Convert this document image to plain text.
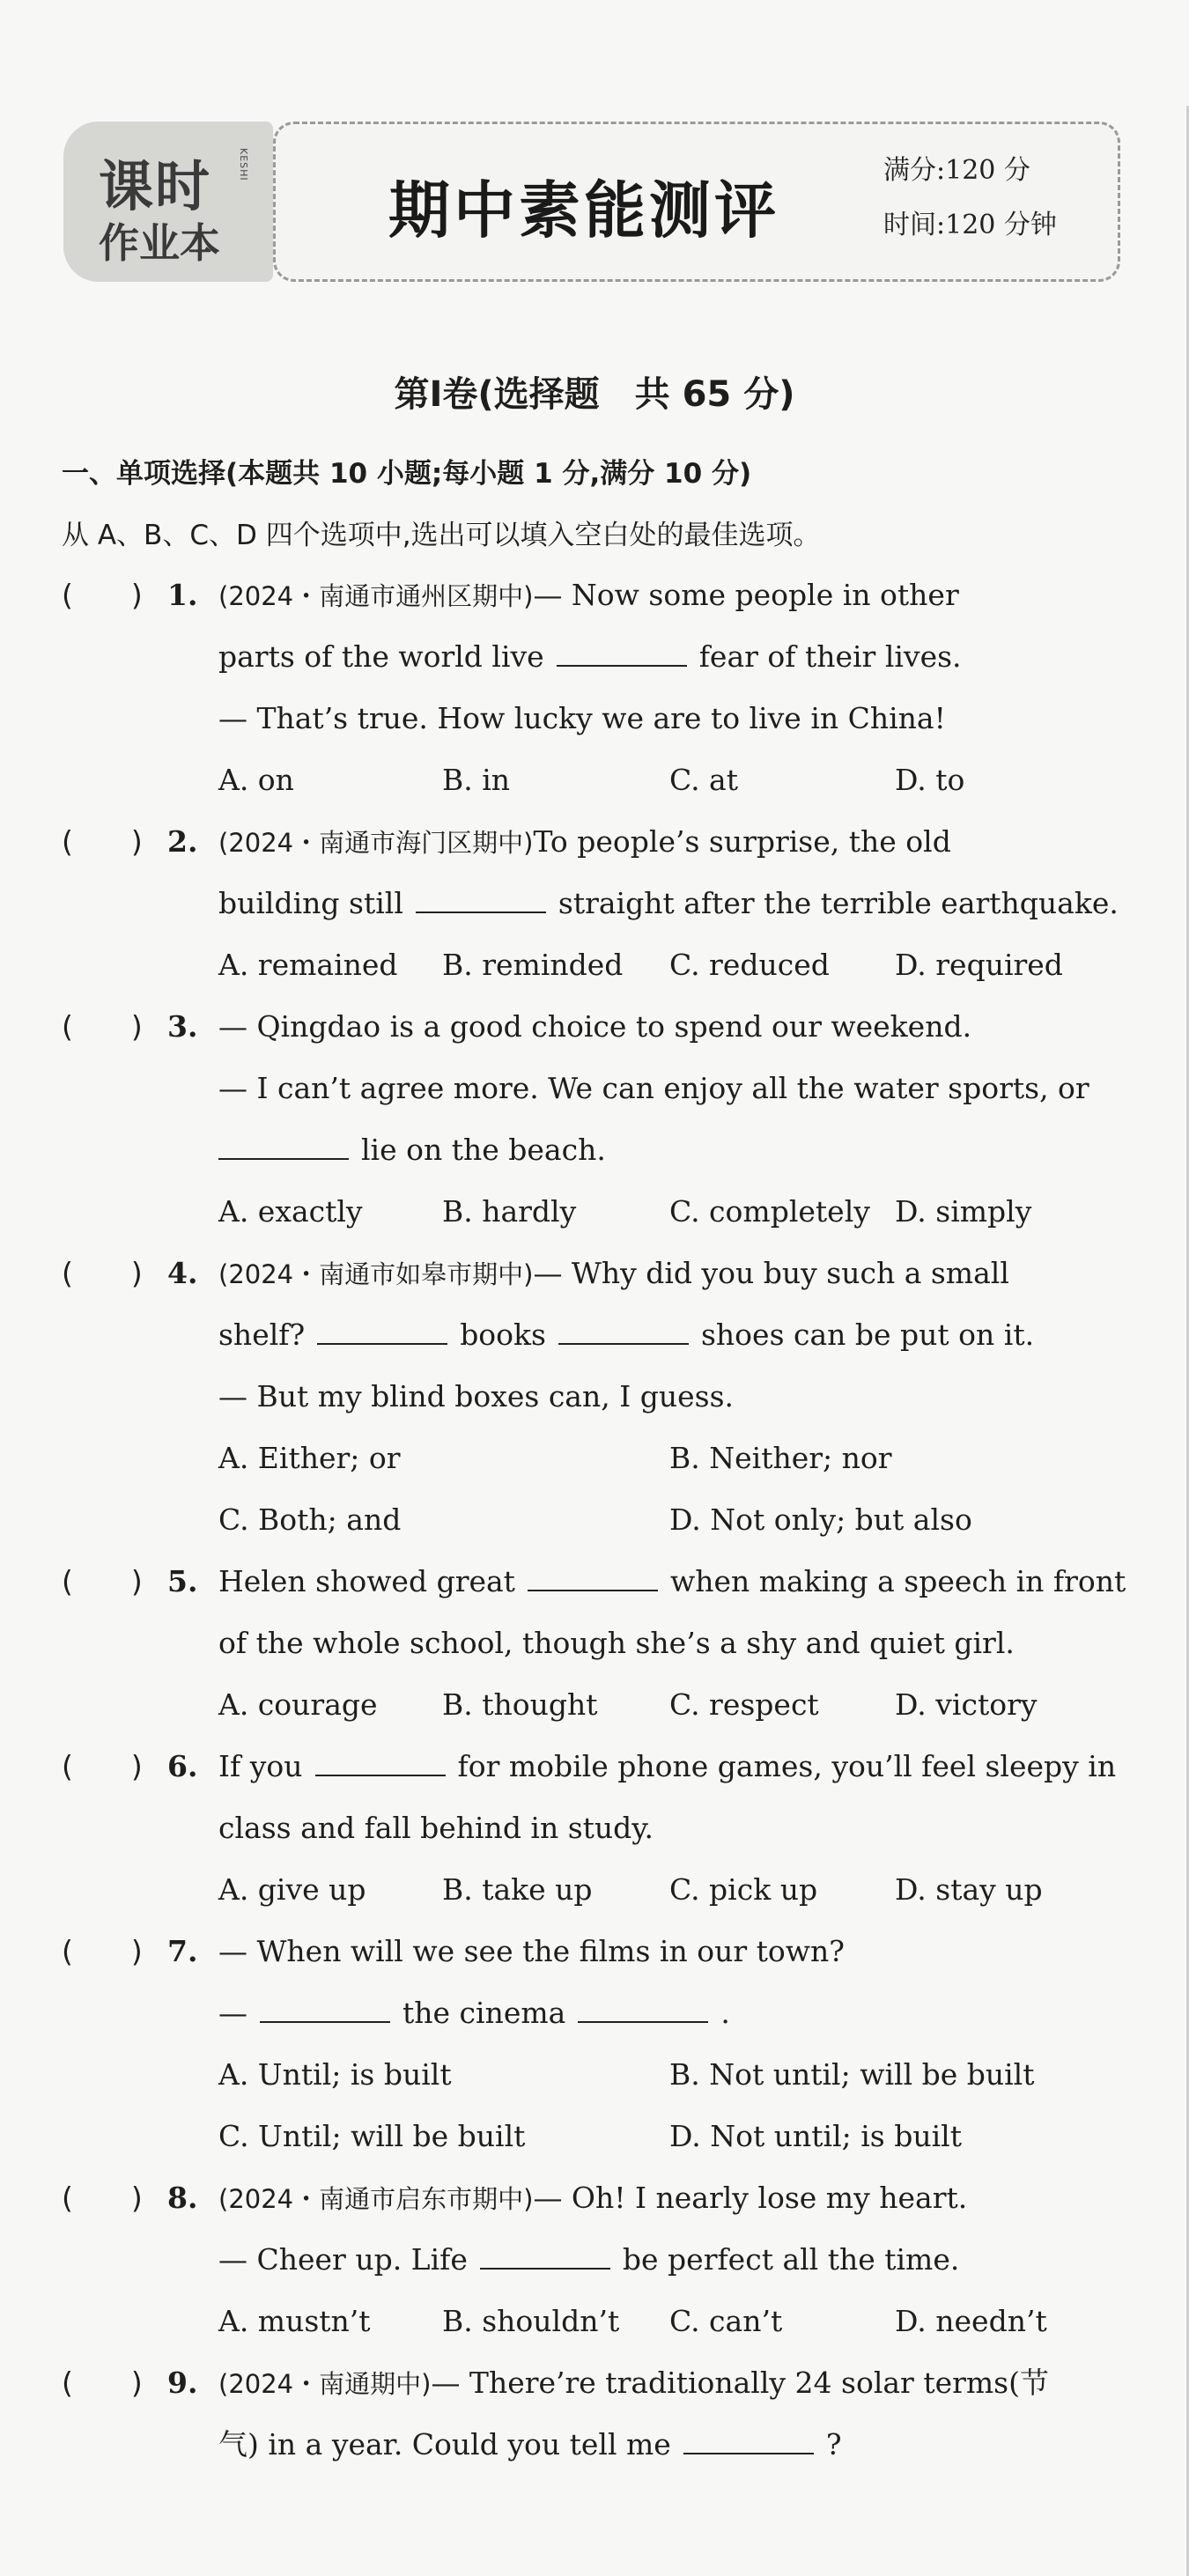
课时
作业本
KESHI
期中素能测评
满分:120 分
时间:120 分钟
第Ⅰ卷(选择题　共 65 分)
一、单项选择(本题共 10 小题;每小题 1 分,满分 10 分)
从 A、B、C、D 四个选项中,选出可以填入空白处的最佳选项。
(　　) 1. (2024・南通市通州区期中)— Now some people in other
parts of the world live	fear of their lives.
— That’s true. How lucky we are to live in China!
A. on	B. in	C. at	D. to
(　　) 2. (2024・南通市海门区期中)To people’s surprise, the old
building still	straight after the terrible earthquake.
A. remained B. reminded C. reduced D. required
(　　) 3. — Qingdao is a good choice to spend our weekend.
— I can’t agree more. We can enjoy all the water sports, or
lie on the beach.
A. exactly	B. hardly	C. completely D. simply
(　　) 4. (2024・南通市如皋市期中)— Why did you buy such a small
shelf?	books	shoes can be put on it.
— But my blind boxes can, I guess.
A. Either; or	B. Neither; nor
C. Both; and	D. Not only; but also
(　　) 5. Helen showed great	when making a speech in front
of the whole school, though she’s a shy and quiet girl.
A. courage B. thought C. respect	D. victory
(　　) 6. If you	for mobile phone games, you’ll feel sleepy in
class and fall behind in study.
A. give up	B. take up	C. pick up	D. stay up
(　　) 7. — When will we see the films in our town?
—	the cinema	.
A. Until; is built	B. Not until; will be built
C. Until; will be built	D. Not until; is built
(　　) 8. (2024・南通市启东市期中)— Oh! I nearly lose my heart.
— Cheer up. Life	be perfect all the time.
A. mustn’t B. shouldn’t C. can’t	D. needn’t
(　　) 9. (2024・南通期中)— There’re traditionally 24 solar terms(节
气) in a year. Could you tell me	?
